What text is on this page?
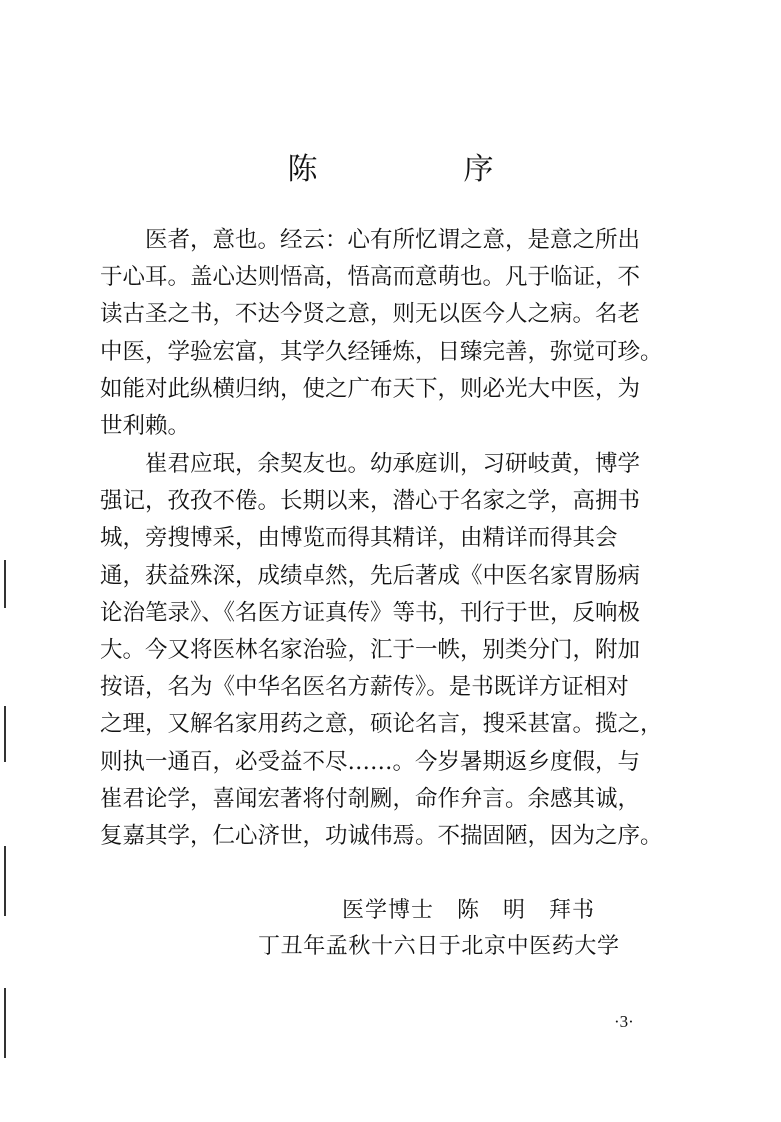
陈　序
　　医者，意也。经云：心有所忆谓之意，是意之所出
于心耳。盖心达则悟高，悟高而意萌也。凡于临证，不
读古圣之书，不达今贤之意，则无以医今人之病。名老
中医，学验宏富，其学久经锤炼，日臻完善，弥觉可珍。
如能对此纵横归纳，使之广布天下，则必光大中医，为
世利赖。
　　崔君应珉，余契友也。幼承庭训，习研岐黄，博学
强记，孜孜不倦。长期以来，潜心于名家之学，高拥书
城，旁搜博采，由博览而得其精详，由精详而得其会
通，获益殊深，成绩卓然，先后著成《中医名家胃肠病
论治笔录》、《名医方证真传》等书，刊行于世，反响极
大。今又将医林名家治验，汇于一帙，别类分门，附加
按语，名为《中华名医名方薪传》。是书既详方证相对
之理，又解名家用药之意，硕论名言，搜采甚富。揽之，
则执一通百，必受益不尽……。今岁暑期返乡度假，与
崔君论学，喜闻宏著将付剞劂，命作弁言。余感其诚，
复嘉其学，仁心济世，功诚伟焉。不揣固陋，因为之序。

医学博士　陈　明　拜书

丁丑年孟秋十六日于北京中医药大学

·3·
